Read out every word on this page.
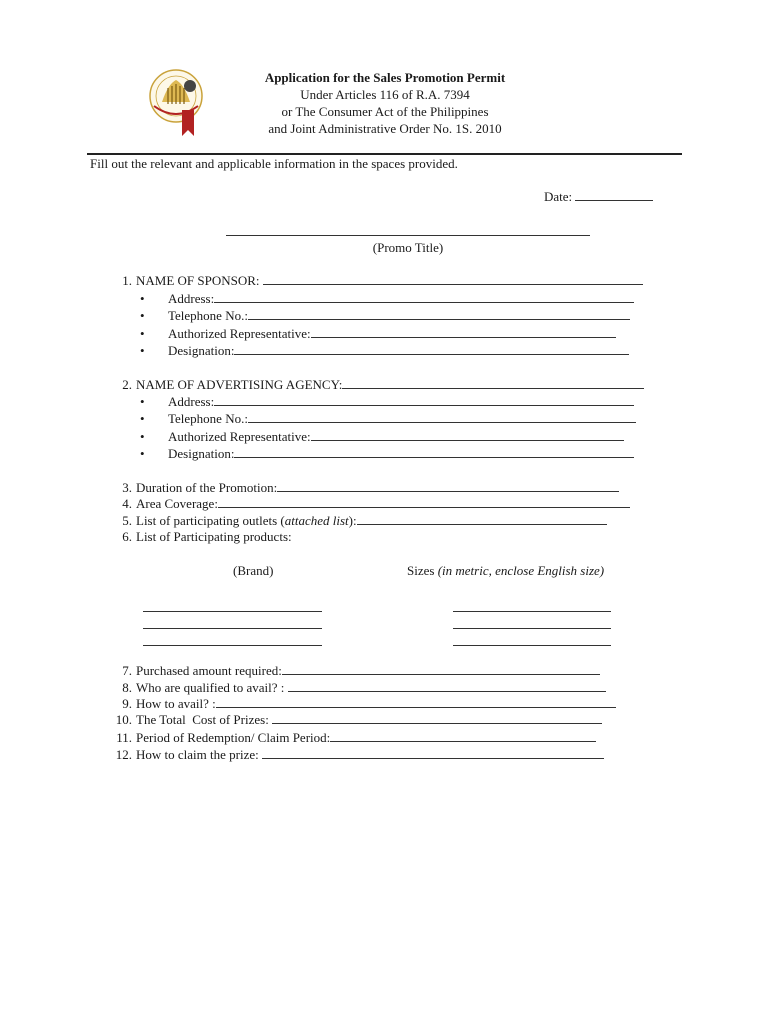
Application for the Sales Promotion Permit
Under Articles 116 of R.A. 7394
or The Consumer Act of the Philippines
and Joint Administrative Order No. 1S. 2010
Fill out the relevant and applicable information in the spaces provided.
Date:
(Promo Title)
1. NAME OF SPONSOR:
• Address:
• Telephone No.:
• Authorized Representative:
• Designation:
2. NAME OF ADVERTISING AGENCY:
• Address:
• Telephone No.:
• Authorized Representative:
• Designation:
3. Duration of the Promotion:
4. Area Coverage:
5. List of participating outlets (attached list):
6. List of Participating products:
(Brand)	Sizes (in metric, enclose English size)
7. Purchased amount required:
8. Who are qualified to avail? :
9. How to avail? :
10. The Total  Cost of Prizes:
11. Period of Redemption/ Claim Period:
12. How to claim the prize:
